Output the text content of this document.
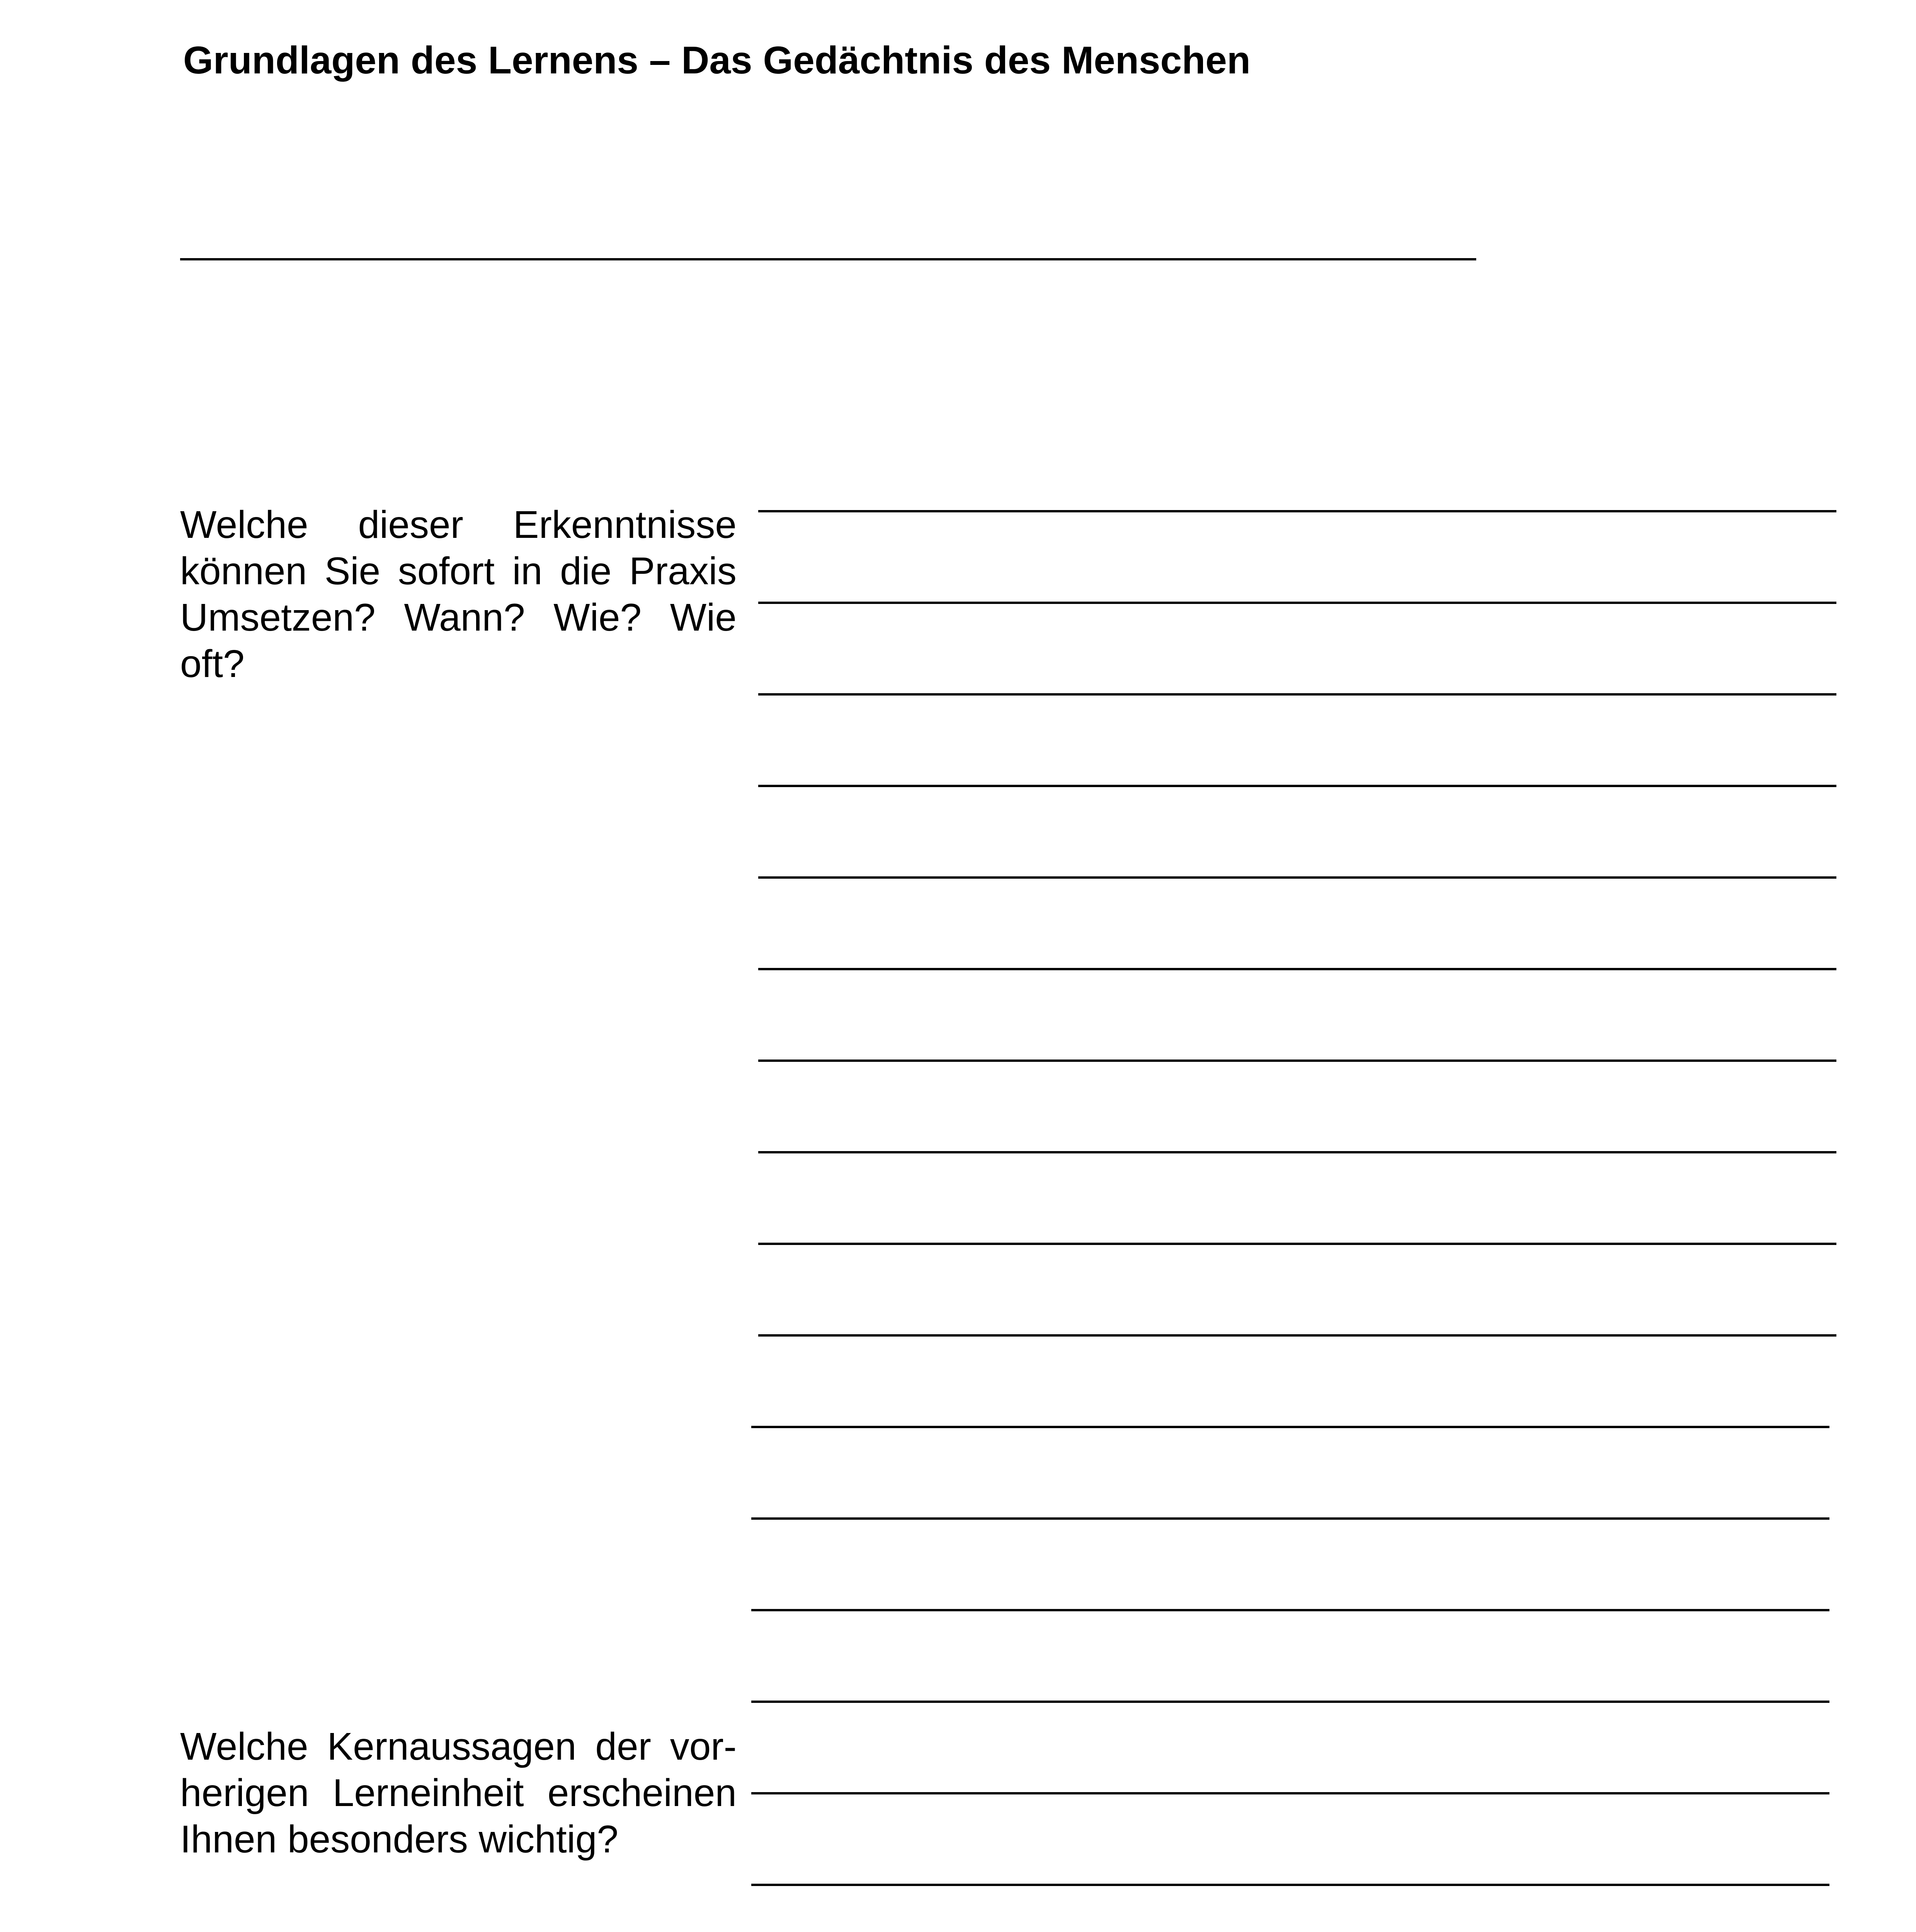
Grundlagen des Lernens – Das Gedächtnis des Menschen
Welche dieser Erkenntnisse können Sie sofort in die Praxis Umsetzen? Wann? Wie? Wie oft?
Welche Kernaussagen der vorherigen Lerneinheit erscheinen Ihnen besonders wichtig?
